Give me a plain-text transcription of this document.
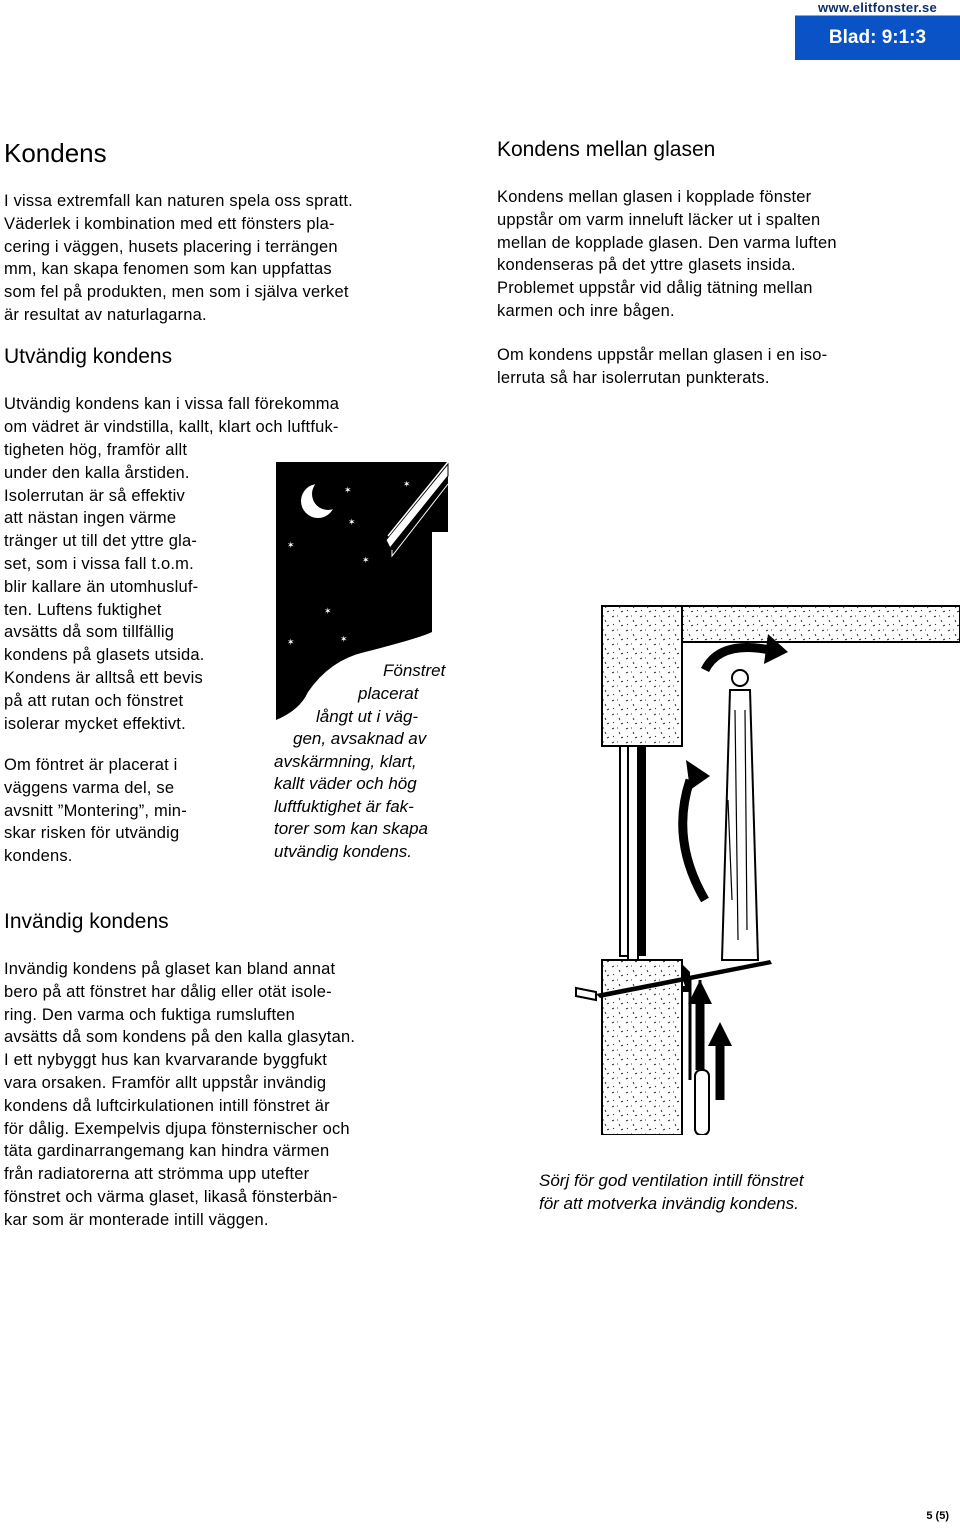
www.elitfonster.se
Blad: 9:1:3
Kondens

I vissa extremfall kan naturen spela oss spratt.
Väderlek i kombination med ett fönsters pla-
cering i väggen, husets placering i terrängen
mm, kan skapa fenomen som kan uppfattas
som fel på produkten, men som i själva verket
är resultat av naturlagarna.

Utvändig kondens

Utvändig kondens kan i vissa fall förekomma
om vädret är vindstilla, kallt, klart och luftfuk-

tigheten hög, framför allt
under den kalla årstiden.
Isolerrutan är så effektiv
att nästan ingen värme
tränger ut till det yttre gla-
set, som i vissa fall t.o.m.
blir kallare än utomhusluf-
ten. Luftens fuktighet
avsätts då som tillfällig
kondens på glasets utsida.
Kondens är alltså ett bevis
på att rutan och fönstret
isolerar mycket effektivt.

Om föntret är placerat i
väggens varma del, se
avsnitt ”Montering”, min-
skar risken för utvändig
kondens.

✶
✶
✶
✶
✶
✶
✶	✶

Fönstret

placerat

långt ut i väg-

gen, avsaknad av

avskärmning, klart,

kallt väder och hög

luftfuktighet är fak-

torer som kan skapa

utvändig kondens.

Invändig kondens

Invändig kondens på glaset kan bland annat
bero på att fönstret har dålig eller otät isole-
ring. Den varma och fuktiga rumsluften
avsätts då som kondens på den kalla glasytan.
I ett nybyggt hus kan kvarvarande byggfukt
vara orsaken. Framför allt uppstår invändig
kondens då luftcirkulationen intill fönstret är
för dålig. Exempelvis djupa fönsternischer och
täta gardinarrangemang kan hindra värmen
från radiatorerna att strömma upp utefter
fönstret och värma glaset, likaså fönsterbän-
kar som är monterade intill väggen.

Kondens mellan glasen

Kondens mellan glasen i kopplade fönster
uppstår om varm inneluft läcker ut i spalten
mellan de kopplade glasen. Den varma luften
kondenseras på det yttre glasets insida.
Problemet uppstår vid dålig tätning mellan
karmen och inre bågen.

Om kondens uppstår mellan glasen i en iso-
lerruta så har isolerrutan punkterats.

Sörj för god ventilation intill fönstret
för att motverka invändig kondens.

5 (5)
